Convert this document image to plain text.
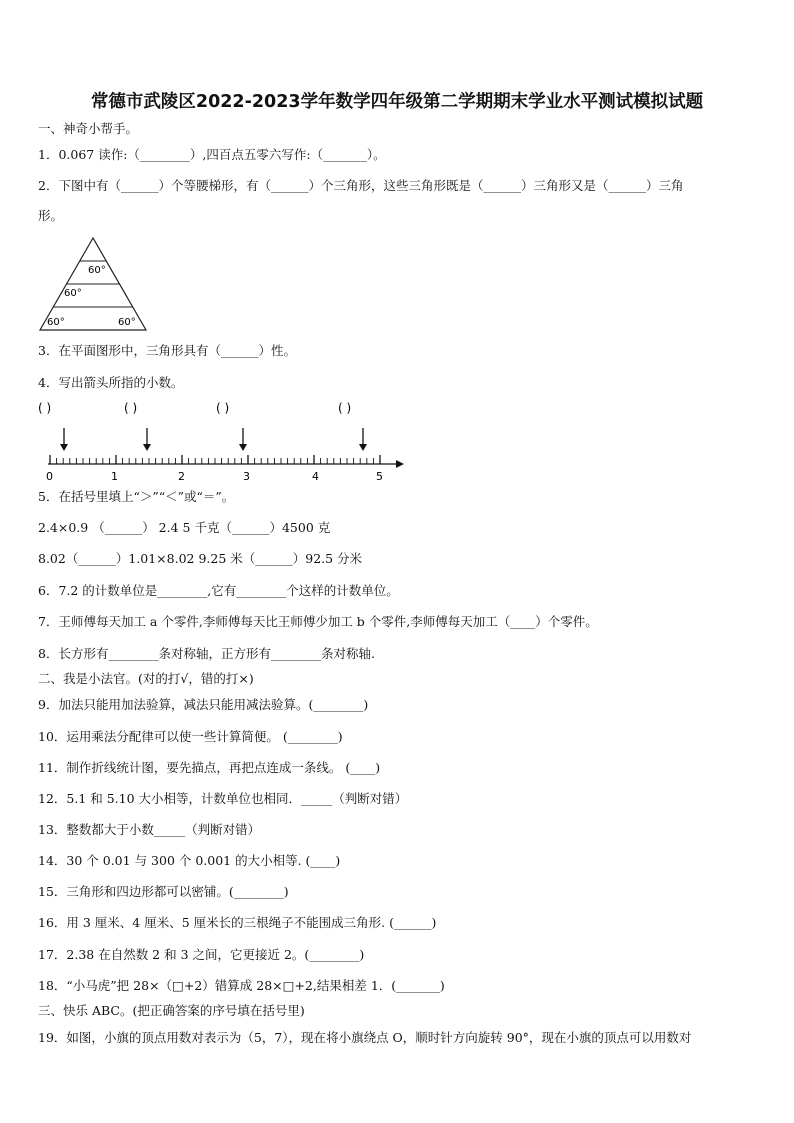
常德市武陵区2022-2023学年数学四年级第二学期期末学业水平测试模拟试题
一、神奇小帮手。
1．0.067 读作:（________）,四百点五零六写作:（_______）。
2．下图中有（______）个等腰梯形，有（______）个三角形，这些三角形既是（______）三角形又是（______）三角
形。
60°
60°
60°	60°
3．在平面图形中，三角形具有（______）性。
4．写出箭头所指的小数。
( )	( )	( )	( )
0	1	2	3	4	5
5．在括号里填上“＞”“＜”或“＝”。
2.4×0.9 （______） 2.4 5 千克（______）4500 克
8.02（______）1.01×8.02 9.25 米（______）92.5 分米
6．7.2 的计数单位是________,它有________个这样的计数单位。
7．王师傅每天加工 a 个零件,李师傅每天比王师傅少加工 b 个零件,李师傅每天加工（____）个零件。
8．长方形有________条对称轴，正方形有________条对称轴.
二、我是小法官。(对的打√，错的打×)
9．加法只能用加法验算，减法只能用减法验算。(________)
10．运用乘法分配律可以使一些计算简便。 (________)
11．制作折线统计图，要先描点，再把点连成一条线。 (____)
12．5.1 和 5.10 大小相等，计数单位也相同．_____（判断对错）
13．整数都大于小数_____（判断对错）
14．30 个 0.01 与 300 个 0.001 的大小相等. (____)
15．三角形和四边形都可以密铺。(________)
16．用 3 厘米、4 厘米、5 厘米长的三根绳子不能围成三角形. (______)
17．2.38 在自然数 2 和 3 之间，它更接近 2。(________)
18．“小马虎”把 28×（□+2）错算成 28×□+2,结果相差 1．(_______)
三、快乐 ABC。(把正确答案的序号填在括号里)
19．如图，小旗的顶点用数对表示为（5，7），现在将小旗绕点 O，顺时针方向旋转 90°，现在小旗的顶点可以用数对
